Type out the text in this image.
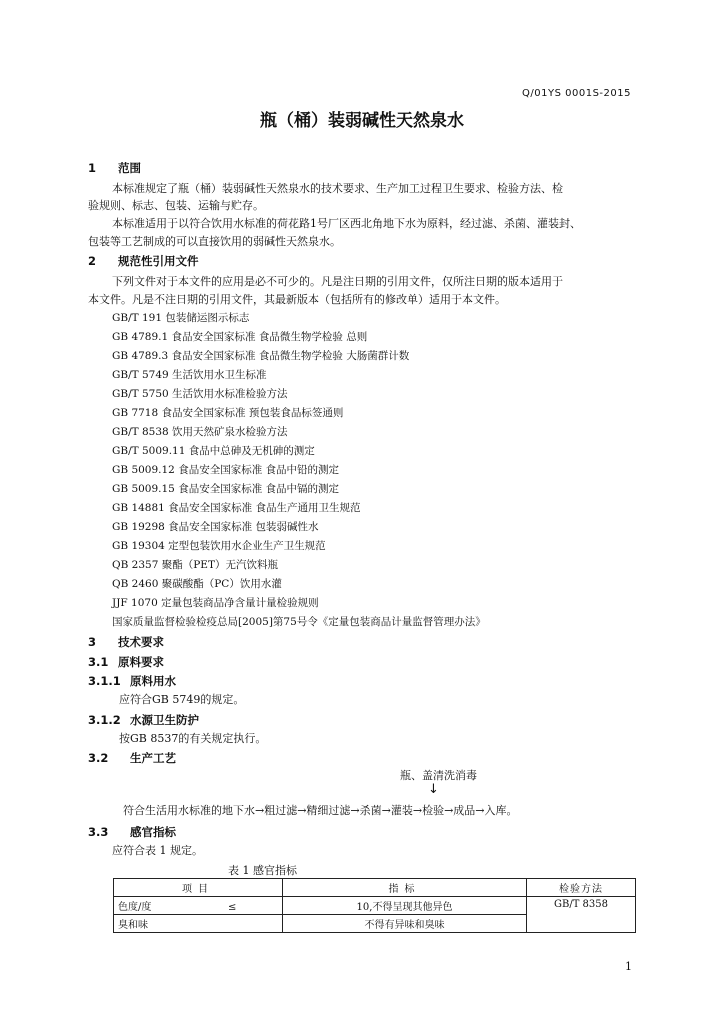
Q/01YS 0001S-2015
瓶（桶）装弱碱性天然泉水
1 范围
本标准规定了瓶（桶）装弱碱性天然泉水的技术要求、生产加工过程卫生要求、检验方法、检
验规则、标志、包装、运输与贮存。
本标准适用于以符合饮用水标准的荷花路1号厂区西北角地下水为原料，经过滤、杀菌、灌装封、
包装等工艺制成的可以直接饮用的弱碱性天然泉水。
2 规范性引用文件
下列文件对于本文件的应用是必不可少的。凡是注日期的引用文件，仅所注日期的版本适用于
本文件。凡是不注日期的引用文件，其最新版本（包括所有的修改单）适用于本文件。
GB/T 191 包装储运图示标志
GB 4789.1 食品安全国家标准 食品微生物学检验 总则
GB 4789.3 食品安全国家标准 食品微生物学检验 大肠菌群计数
GB/T 5749 生活饮用水卫生标准
GB/T 5750 生活饮用水标准检验方法
GB 7718 食品安全国家标准 预包装食品标签通则
GB/T 8538 饮用天然矿泉水检验方法
GB/T 5009.11 食品中总砷及无机砷的测定
GB 5009.12 食品安全国家标准 食品中铅的测定
GB 5009.15 食品安全国家标准 食品中镉的测定
GB 14881 食品安全国家标准 食品生产通用卫生规范
GB 19298 食品安全国家标准 包装弱碱性水
GB 19304 定型包装饮用水企业生产卫生规范
QB 2357 聚酯（PET）无汽饮料瓶
QB 2460 聚碳酸酯（PC）饮用水灌
JJF 1070 定量包装商品净含量计量检验规则
国家质量监督检验检疫总局[2005]第75号令《定量包装商品计量监督管理办法》
3 技术要求
3.1 原料要求
3.1.1 原料用水
应符合GB 5749的规定。
3.1.2 水源卫生防护
按GB 8537的有关规定执行。
3.2 生产工艺
瓶、盖清洗消毒
↓
符合生活用水标准的地下水→粗过滤→精细过滤→杀菌→灌装→检验→成品→入库。
3.3 感官指标
应符合表 1 规定。
表 1 感官指标
项目	指标	检验方法
色度/度 ≤	10,不得呈现其他异色	GB/T 8358
臭和味	不得有异味和臭味	
1
